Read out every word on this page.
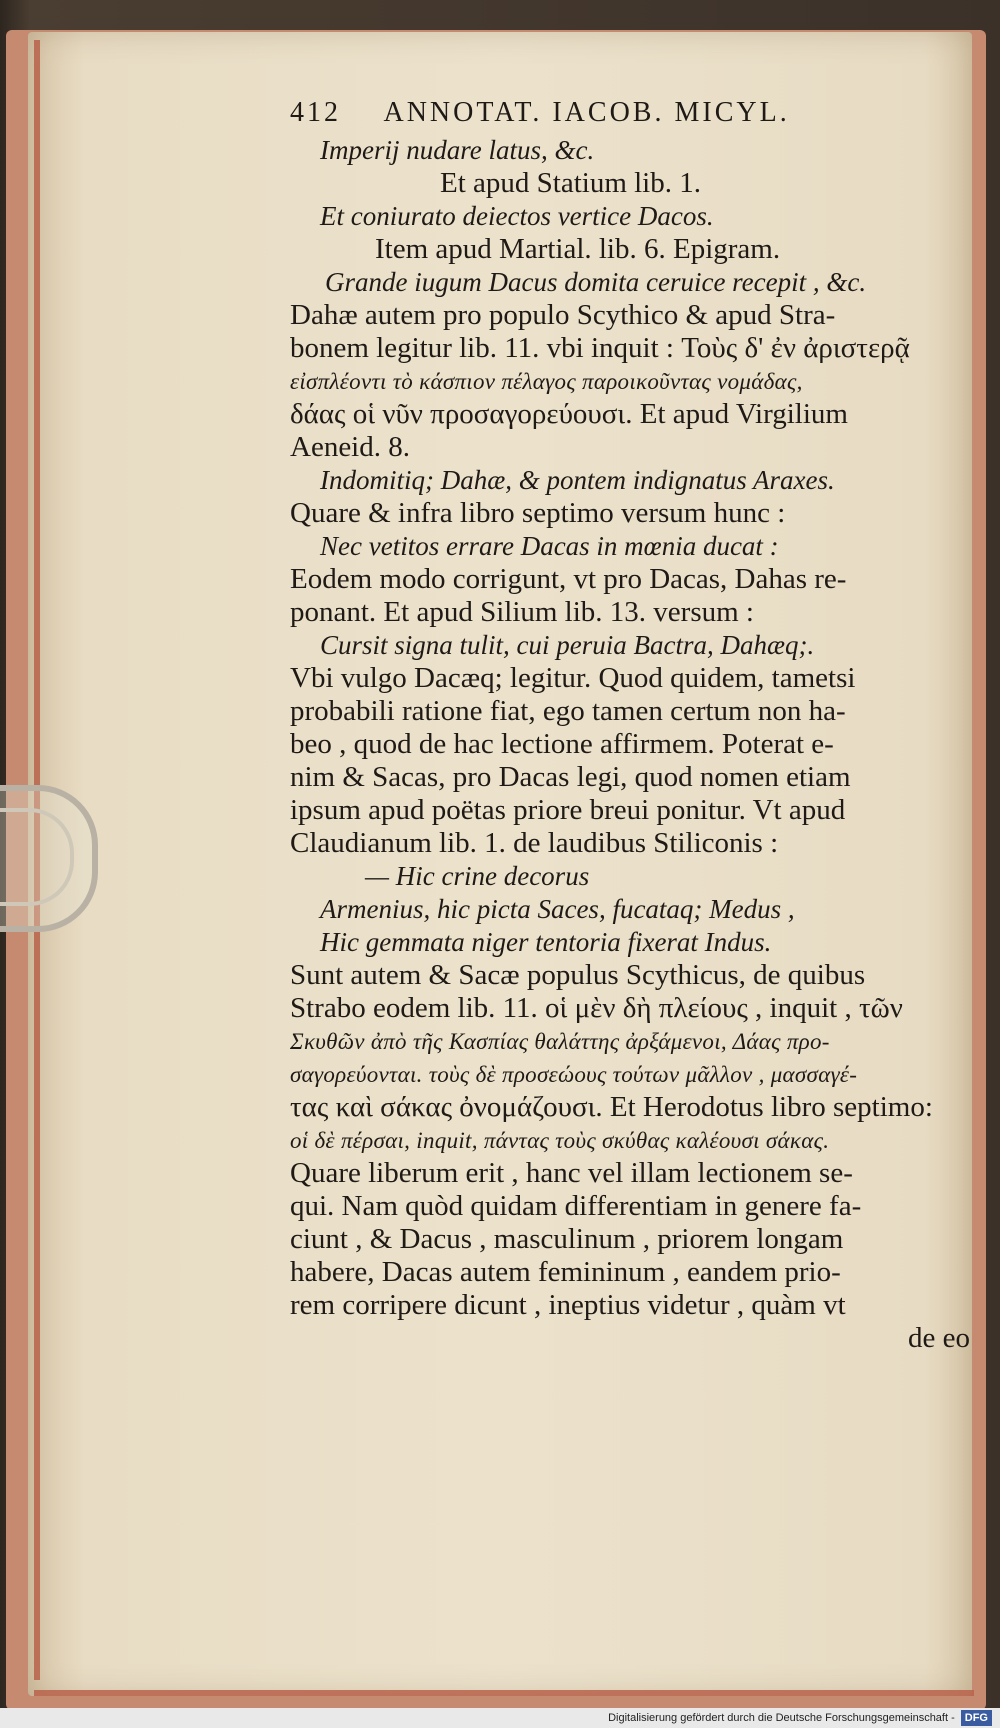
412 ANNOTAT. IACOB. MICYL.
Imperij nudare latus, &c.
Et apud Statium lib. 1.
Et coniurato deiectos vertice Dacos.
Item apud Martial. lib. 6. Epigram.
Grande iugum Dacus domita ceruice recepit , &c.
Dahæ autem pro populo Scythico & apud Stra-
bonem legitur lib. 11. vbi inquit : Τοὺς δ' ἐν ἀριστερᾷ
εἰσπλέοντι τὸ κάσπιον πέλαγος παροικοῦντας νομάδας,
δάας οἱ νῦν προσαγορεύουσι. Et apud Virgilium
Aeneid. 8.
Indomitiq; Dahæ, & pontem indignatus Araxes.
Quare & infra libro septimo versum hunc :
Nec vetitos errare Dacas in mœnia ducat :
Eodem modo corrigunt, vt pro Dacas, Dahas re-
ponant. Et apud Silium lib. 13. versum :
Cursit signa tulit, cui peruia Bactra, Dahæq;.
Vbi vulgo Dacæq; legitur. Quod quidem, tametsi
probabili ratione fiat, ego tamen certum non ha-
beo , quod de hac lectione affirmem. Poterat e-
nim & Sacas, pro Dacas legi, quod nomen etiam
ipsum apud poëtas priore breui ponitur. Vt apud
Claudianum lib. 1. de laudibus Stiliconis :
— Hic crine decorus
Armenius, hic picta Saces, fucataq; Medus ,
Hic gemmata niger tentoria fixerat Indus.
Sunt autem & Sacæ populus Scythicus, de quibus
Strabo eodem lib. 11. οἱ μὲν δὴ πλείους , inquit , τῶν
Σκυθῶν ἀπὸ τῆς Κασπίας θαλάττης ἀρξάμενοι, Δάας προ-
σαγορεύονται. τοὺς δὲ προσεώους τούτων μᾶλλον , μασσαγέ-
τας καὶ σάκας ὀνομάζουσι. Et Herodotus libro septimo:
οἱ δὲ πέρσαι, inquit, πάντας τοὺς σκύθας καλέουσι σάκας.
Quare liberum erit , hanc vel illam lectionem se-
qui. Nam quòd quidam differentiam in genere fa-
ciunt , & Dacus , masculinum , priorem longam
habere, Dacas autem femininum , eandem prio-
rem corripere dicunt , ineptius videtur , quàm vt
de eo
Digitalisierung gefördert durch die Deutsche Forschungsgemeinschaft - DFG
